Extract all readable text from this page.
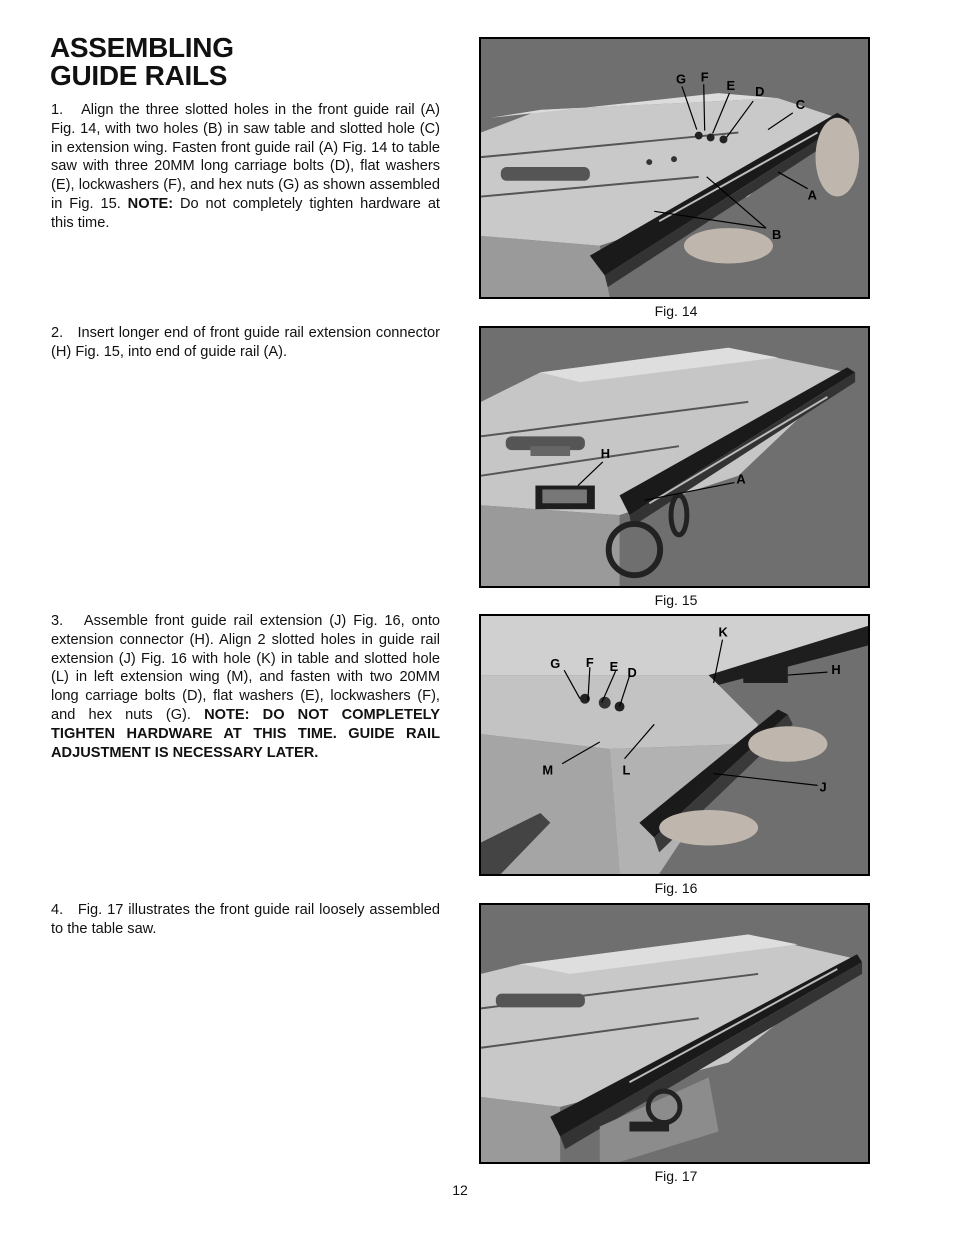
ASSEMBLING
GUIDE RAILS
1. Align the three slotted holes in the front guide rail (A) Fig. 14, with two holes (B) in saw table and slotted hole (C) in extension wing. Fasten front guide rail (A) Fig. 14 to table saw with three 20MM long carriage bolts (D), flat washers (E), lockwashers (F), and hex nuts (G) as shown assembled in Fig. 15. NOTE: Do not completely tighten hardware at this time.
2. Insert longer end of front guide rail extension connector (H) Fig. 15, into end of guide rail (A).
3. Assemble front guide rail extension (J) Fig. 16, onto extension connector (H). Align 2 slotted holes in guide rail extension (J) Fig. 16 with hole (K) in table and slotted hole (L) in left extension wing (M), and fasten with two 20MM long carriage bolts (D), flat washers (E), lockwashers (F), and hex nuts (G). NOTE: DO NOT COMPLETELY TIGHTEN HARDWARE AT THIS TIME. GUIDE RAIL ADJUSTMENT IS NECESSARY LATER.
4. Fig. 17 illustrates the front guide rail loosely assembled to the table saw.
G F
E D
C
A
B
Fig. 14
H
A
Fig. 15
K
G F E D	H
M	L
J
Fig. 16
Fig. 17
12
